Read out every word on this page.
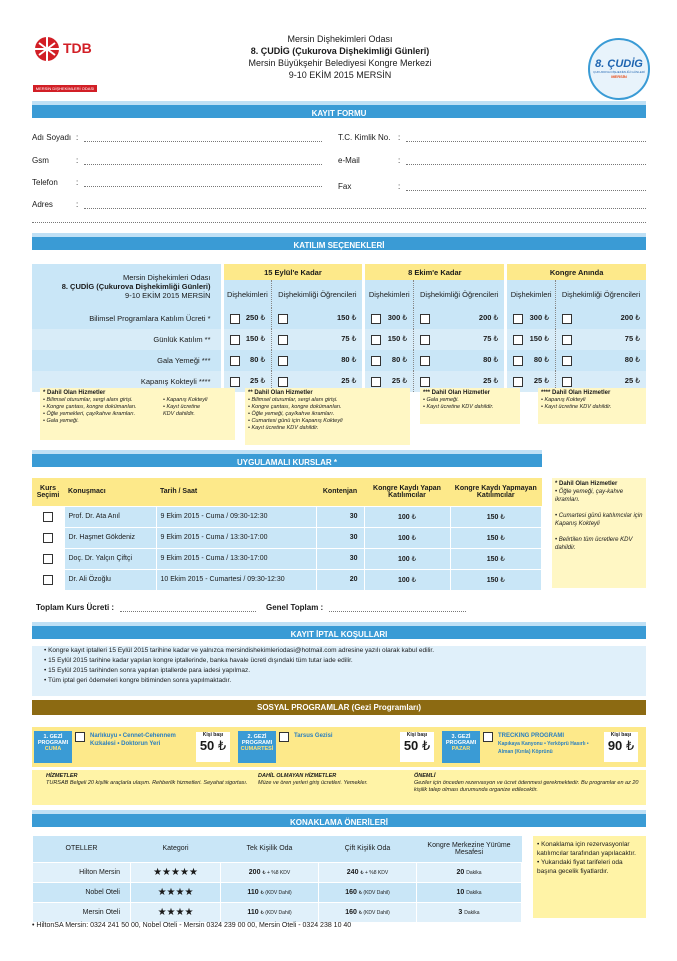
TDB
MERSİN DİŞHEKİMLERİ ODASI
Mersin Dişhekimleri Odası
8. ÇUDİG (Çukurova Dişhekimliği Günleri)
Mersin Büyükşehir Belediyesi Kongre Merkezi
9-10 EKİM 2015 MERSİN
8. ÇUDİG
ÇUKUROVA DİŞHEKİMLİĞİ GÜNLERİ
MERSİN
KAYIT FORMU
Adı Soyadı :
Gsm	:
Telefon	:
Adres	:
T.C. Kimlik No. :
e-Mail	:
Fax	:
KATILIM SEÇENEKLERİ
Mersin Dişhekimleri Odası
8. ÇUDİG (Çukurova Dişhekimliği Günleri)
9-10 EKİM 2015 MERSİN	15 Eylül'e Kadar		8 Ekim'e Kadar		Kongre Anında	
	Dişhekimleri	Dişhekimliği Öğrencileri	Dişhekimleri	Dişhekimliği Öğrencileri	Dişhekimleri	Dişhekimliği Öğrencileri
Bilimsel Programlara Katılım Ücreti *	250 ₺	150 ₺	300 ₺	200 ₺	300 ₺	200 ₺

Günlük Katılım **	150 ₺	75 ₺	150 ₺	75 ₺	150 ₺	75 ₺

Gala Yemeği ***	80 ₺	80 ₺	80 ₺	80 ₺	80 ₺	80 ₺

Kapanış Kokteyli ****	25 ₺	25 ₺	25 ₺	25 ₺	25 ₺	25 ₺
* Dahil Olan Hizmetler
• Bilimsel oturumlar, sergi alanı girişi.
• Kongre çantası, kongre dokümanları.
• Öğle yemekleri, çay/kahve ikramları.
• Gala yemeği.
• Kapanış Kokteyli
• Kayıt ücretine
KDV dahildir.
** Dahil Olan Hizmetler
• Bilimsel oturumlar, sergi alanı girişi.
• Kongre çantası, kongre dokümanları.
• Öğle yemeği, çay/kahve ikramları.
• Cumartesi günü için Kapanış Kokteyli
• Kayıt ücretine KDV dahildir.
*** Dahil Olan Hizmetler
• Gala yemeği.
• Kayıt ücretine KDV dahildir.
**** Dahil Olan Hizmetler
• Kapanış Kokteyli
• Kayıt ücretine KDV dahildir.
UYGULAMALI KURSLAR *
Kurs Seçimi	Konuşmacı	Tarih / Saat	Kontenjan	Kongre Kaydı Yapan Katılımcılar	Kongre Kaydı Yapmayan Katılımcılar
	Prof. Dr. Ata Anıl	9 Ekim 2015 - Cuma / 09:30-12:30	30	100 ₺	150 ₺
	Dr. Haşmet Gökdeniz	9 Ekim 2015 - Cuma / 13:30-17:00	30	100 ₺	150 ₺
	Doç. Dr. Yalçın Çiftçi	9 Ekim 2015 - Cuma / 13:30-17:00	30	100 ₺	150 ₺
	Dr. Ali Özoğlu	10 Ekim 2015 - Cumartesi / 09:30-12:30	20	100 ₺	150 ₺
* Dahil Olan Hizmetler
• Öğle yemeği, çay-kahve ikramları.

• Cumartesi günü katılımcılar için Kapanış Kokteyli

• Belirtilen tüm ücretlere KDV dahildir.
Toplam Kurs Ücreti :	Genel Toplam :
KAYIT İPTAL KOŞULLARI
• Kongre kayıt iptalleri 15 Eylül 2015 tarihine kadar ve yalnızca mersindishekimleriodasi@hotmail.com adresine yazılı olarak kabul edilir.
• 15 Eylül 2015 tarihine kadar yapılan kongre iptallerinde, banka havale ücreti dışındaki tüm tutar iade edilir.
• 15 Eylül 2015 tarihinden sonra yapılan iptallerde para iadesi yapılmaz.
• Tüm iptal geri ödemeleri kongre bitiminden sonra yapılmaktadır.
SOSYAL PROGRAMLAR (Gezi Programları)
1. GEZİ PROGRAMI
CUMA
Narlıkuyu • Cennet-Cehennem Kızkalesi • Doktorun Yeri
Kişi başı
50 ₺
2. GEZİ PROGRAMI
CUMARTESİ
Tarsus Gezisi	Kişi başı
50 ₺
3. GEZİ PROGRAMI
PAZAR
TRECKING PROGRAMI
Kapıkaya Kanyonu • Yerköprü Hasırlı • Alman (Kırıla) Köprünü
Kişi başı
90 ₺
HİZMETLER
TURSAB Belgeli 20 kişilik araçlarla ulaşım. Rehberlik hizmetleri. Seyahat sigortası.
DAHİL OLMAYAN HİZMETLER
Müze ve ören yerleri giriş ücretleri. Yemekler.
ÖNEMLİ
Geziler için önceden rezervasyon ve ücret ödenmesi gerekmektedir. Bu programlar en az 20 kişilik talep olması durumunda organize edilecektir.
KONAKLAMA ÖNERİLERİ
OTELLER	Kategori	Tek Kişilik Oda	Çift Kişilik Oda	Kongre Merkezine Yürüme Mesafesi
Hilton Mersin	★★★★★	200 ₺ + %8 KDV	240 ₺ + %8 KDV	20 Dakika
Nobel Oteli	★★★★	110 ₺ (KDV Dahil)	160 ₺ (KDV Dahil)	10 Dakika
Mersin Oteli	★★★★	110 ₺ (KDV Dahil)	160 ₺ (KDV Dahil)	3 Dakika
• Konaklama için rezervasyonlar katılımcılar tarafından yapılacaktır.
• Yukarıdaki fiyat tarifeleri oda başına gecelik fiyatlardır.
• HiltonSA Mersin: 0324 241 50 00, Nobel Oteli - Mersin 0324 239 00 00, Mersin Oteli - 0324 238 10 40
